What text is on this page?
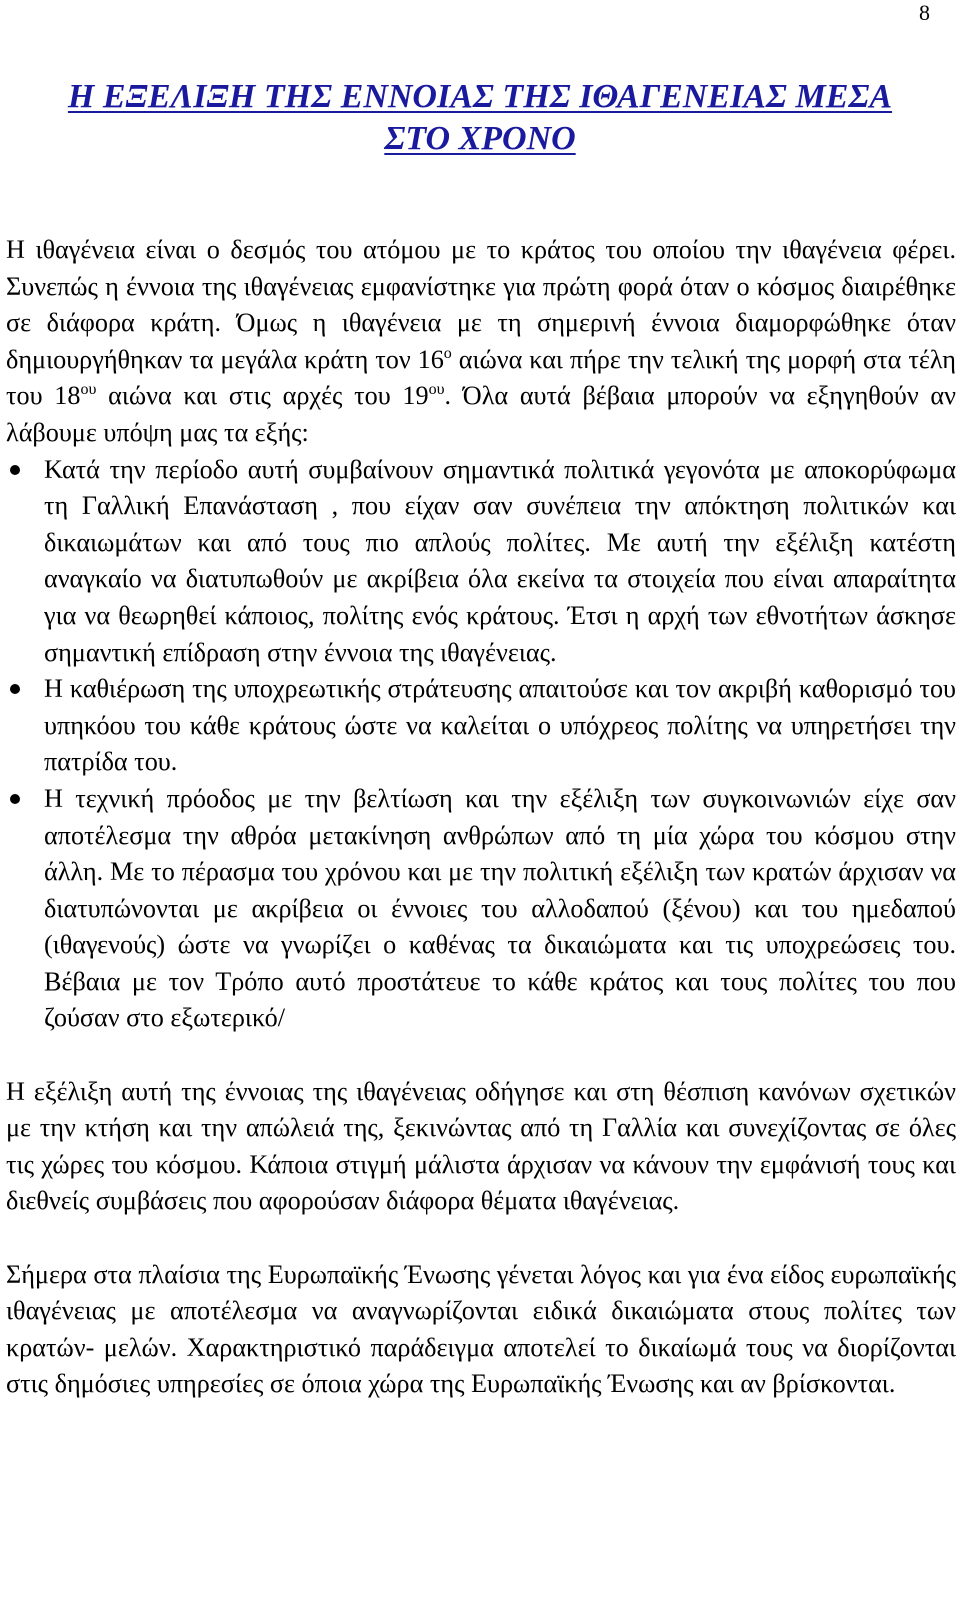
8
Η ΕΞΕΛΙΞΗ ΤΗΣ ΕΝΝΟΙΑΣ ΤΗΣ ΙΘΑΓΕΝΕΙΑΣ ΜΕΣΑ
ΣΤΟ ΧΡΟΝΟ

Η ιθαγένεια είναι ο δεσμός του ατόμου με το κράτος του οποίου την ιθαγένεια φέρει. Συνεπώς η έννοια της ιθαγένειας εμφανίστηκε για πρώτη φορά όταν ο κόσμος διαιρέθηκε σε διάφορα κράτη. Όμως η ιθαγένεια με τη σημερινή έννοια διαμορφώθηκε όταν δημιουργήθηκαν τα μεγάλα κράτη τον $16^o$ αιώνα και πήρε την τελική της μορφή στα τέλη του $18^{o\upsilon}$ αιώνα και στις αρχές του $19^{o\upsilon}$. Όλα αυτά βέβαια μπορούν να εξηγηθούν αν λάβουμε υπόψη μας τα εξής:

Κατά την περίοδο αυτή συμβαίνουν σημαντικά πολιτικά γεγονότα με αποκορύφωμα τη Γαλλική Επανάσταση , που είχαν σαν συνέπεια την απόκτηση πολιτικών και δικαιωμάτων και από τους πιο απλούς πολίτες. Με αυτή την εξέλιξη κατέστη αναγκαίο να διατυπωθούν με ακρίβεια όλα εκείνα τα στοιχεία που είναι απαραίτητα για να θεωρηθεί κάποιος, πολίτης ενός κράτους. Έτσι η αρχή των εθνοτήτων άσκησε σημαντική επίδραση στην έννοια της ιθαγένειας.
Η καθιέρωση της υποχρεωτικής στράτευσης απαιτούσε και τον ακριβή καθορισμό του υπηκόου του κάθε κράτους ώστε να καλείται ο υπόχρεος πολίτης να υπηρετήσει την πατρίδα του.
Η τεχνική πρόοδος με την βελτίωση και την εξέλιξη των συγκοινωνιών είχε σαν αποτέλεσμα την αθρόα μετακίνηση ανθρώπων από τη μία χώρα του κόσμου στην άλλη. Με το πέρασμα του χρόνου και με την πολιτική εξέλιξη των κρατών άρχισαν να διατυπώνονται με ακρίβεια οι έννοιες του αλλοδαπού (ξένου) και του ημεδαπού (ιθαγενούς) ώστε να γνωρίζει ο καθένας τα δικαιώματα και τις υποχρεώσεις του. Βέβαια με τον Τρόπο αυτό προστάτευε το κάθε κράτος και τους πολίτες του που ζούσαν στο εξωτερικό/

Η εξέλιξη αυτή της έννοιας της ιθαγένειας οδήγησε και στη θέσπιση κανόνων σχετικών με την κτήση και την απώλειά της, ξεκινώντας από τη Γαλλία και συνεχίζοντας σε όλες τις χώρες του κόσμου. Κάποια στιγμή μάλιστα άρχισαν να κάνουν την εμφάνισή τους και διεθνείς συμβάσεις που αφορούσαν διάφορα θέματα ιθαγένειας.

Σήμερα στα πλαίσια της Ευρωπαϊκής Ένωσης γένεται λόγος και για ένα είδος ευρωπαϊκής ιθαγένειας με αποτέλεσμα να αναγνωρίζονται ειδικά δικαιώματα στους πολίτες των κρατών- μελών. Χαρακτηριστικό παράδειγμα αποτελεί το δικαίωμά τους να διορίζονται στις δημόσιες υπηρεσίες σε όποια χώρα της Ευρωπαϊκής Ένωσης και αν βρίσκονται.
